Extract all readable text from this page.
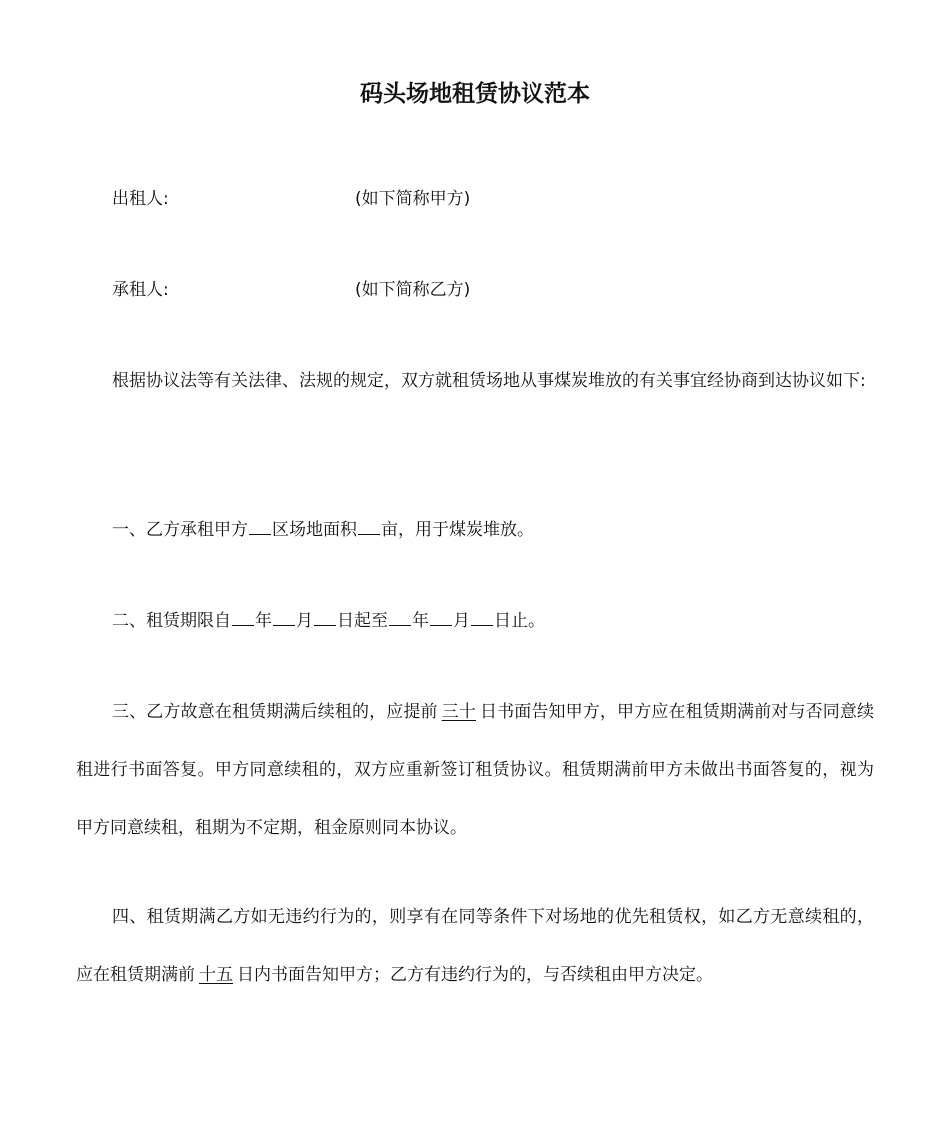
码头场地租赁协议范本
出租人:	(如下简称甲方)
承租人:	(如下简称乙方)

根据协议法等有关法律、法规的规定，双方就租赁场地从事煤炭堆放的有关事宜经协商到达协议如下:

一、乙方承租甲方 区场地面积 亩，用于煤炭堆放。

二、租赁期限自 年 月 日起至 年 月 日止。

三、乙方故意在租赁期满后续租的，应提前 三十 日书面告知甲方，甲方应在租赁期满前对与否同意续租进行书面答复。甲方同意续租的，双方应重新签订租赁协议。租赁期满前甲方未做出书面答复的，视为甲方同意续租，租期为不定期，租金原则同本协议。

四、租赁期满乙方如无违约行为的，则享有在同等条件下对场地的优先租赁权，如乙方无意续租的，应在租赁期满前 十五 日内书面告知甲方；乙方有违约行为的，与否续租由甲方决定。
